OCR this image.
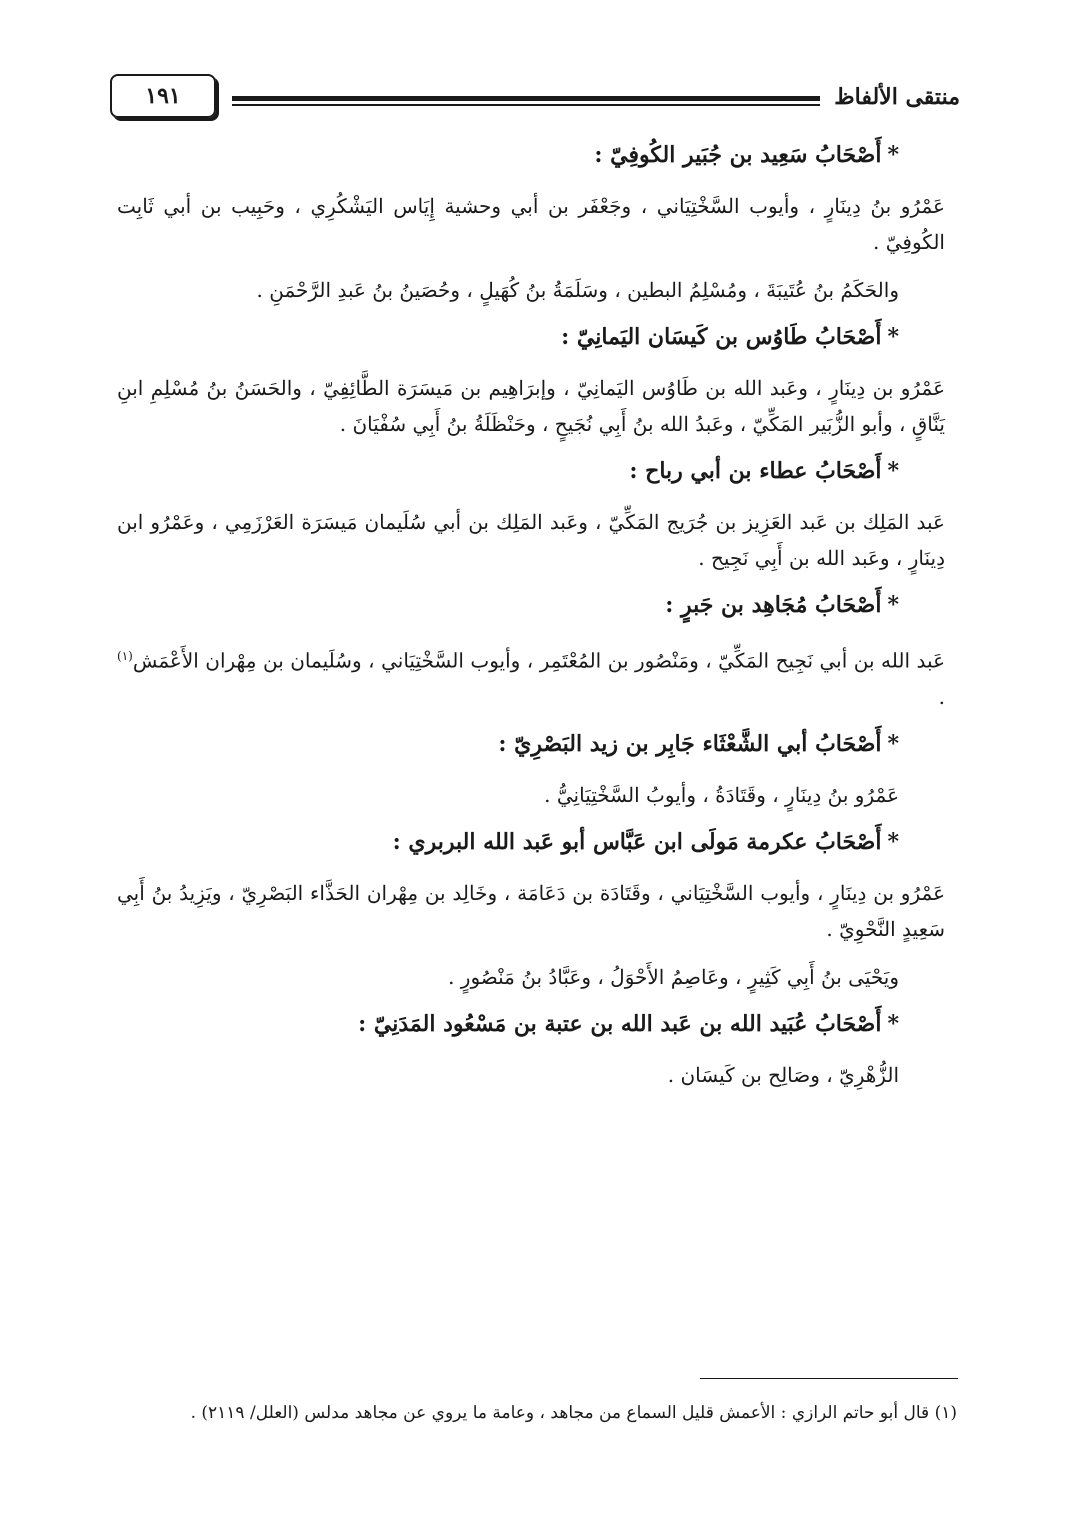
منتقى الألفاظ
١٩١
*أَصْحَابُ سَعِيد بن جُبَير الكُوفِيّ :
عَمْرُو بنُ دِينَارٍ ، وأيوب السَّخْتِيَاني ، وجَعْفَر بن أبي وحشية إِيَاس اليَشْكُرِي ، وحَبِيب بن أبي ثَابِت الكُوفِيّ .
والحَكَمُ بنُ عُتَيبَةَ ، ومُسْلِمُ البطين ، وسَلَمَةُ بنُ كُهَيلٍ ، وحُصَينُ بنُ عَبدِ الرَّحْمَنِ .
*أَصْحَابُ طَاوُس بن كَيسَان اليَمانِيّ :
عَمْرُو بن دِينَارٍ ، وعَبد الله بن طَاوُس اليَمانِيّ ، وإبرَاهِيم بن مَيسَرَة الطَّائِفِيّ ، والحَسَنُ بنُ مُسْلِمِ ابنِ يَنَّاقٍ ، وأبو الزُّبَير المَكِّيّ ، وعَبدُ الله بنُ أَبِي نُجَيحٍ ، وحَنْظَلَةُ بنُ أَبِي سُفْيَانَ .
*أَصْحَابُ عطاء بن أبي رباح :
عَبد المَلِك بن عَبد العَزِيز بن جُرَيج المَكِّيّ ، وعَبد المَلِك بن أبي سُلَيمان مَيسَرَة العَرْزَمِي ، وعَمْرُو ابن دِينَارٍ ، وعَبد الله بن أَبِي نَجِيح .
*أَصْحَابُ مُجَاهِد بن جَبرٍ :
عَبد الله بن أبي نَجِيح المَكِّيّ ، ومَنْصُور بن المُعْتَمِر ، وأيوب السَّخْتِيَاني ، وسُلَيمان بن مِهْران الأَعْمَش$^{(١)}$ .
*أَصْحَابُ أبي الشَّعْثَاء جَابِر بن زيد البَصْرِيّ :
عَمْرُو بنُ دِينَارٍ ، وقَتَادَةُ ، وأيوبُ السَّخْتِيَانِيُّ .
*أَصْحَابُ عكرمة مَولَى ابن عَبَّاس أبو عَبد الله البربري :
عَمْرُو بن دِينَارٍ ، وأيوب السَّخْتِيَاني ، وقَتَادَة بن دَعَامَة ، وخَالِد بن مِهْران الحَذَّاء البَصْرِيّ ، ويَزِيدُ بنُ أَبِي سَعِيدٍ النَّحْوِيّ .
ويَحْيَى بنُ أَبِي كَثِيرٍ ، وعَاصِمُ الأَحْوَلُ ، وعَبَّادُ بنُ مَنْصُورٍ .
*أَصْحَابُ عُبَيد الله بن عَبد الله بن عتبة بن مَسْعُود المَدَنِيّ :
الزُّهْرِيّ ، وصَالِح بن كَيسَان .
(١) قال أبو حاتم الرازي : الأعمش قليل السماع من مجاهد ، وعامة ما يروي عن مجاهد مدلس (العلل/ ٢١١٩) .
